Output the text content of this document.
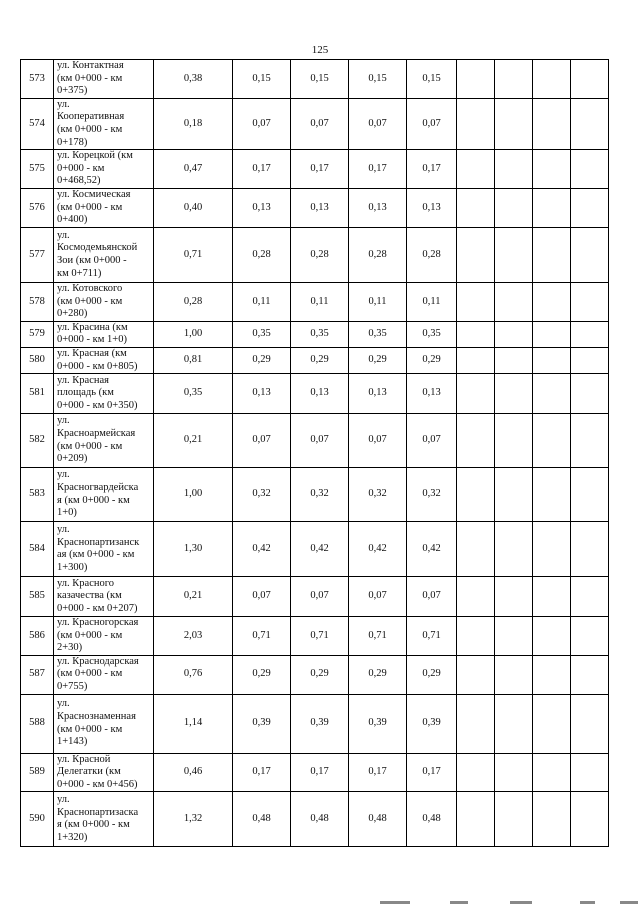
125
573	ул. Контактная
(км 0+000 - км
0+375)	0,38	0,15	0,15	0,15	0,15				
574	ул.
Кооперативная
(км 0+000 - км
0+178)	0,18	0,07	0,07	0,07	0,07				
575	ул. Корецкой (км
0+000 - км
0+468,52)	0,47	0,17	0,17	0,17	0,17				
576	ул. Космическая
(км 0+000 - км
0+400)	0,40	0,13	0,13	0,13	0,13				
577	ул.
Космодемьянской
Зои (км 0+000 -
км 0+711)	0,71	0,28	0,28	0,28	0,28				
578	ул. Котовского
(км 0+000 - км
0+280)	0,28	0,11	0,11	0,11	0,11				
579	ул. Красина (км
0+000 - км 1+0)	1,00	0,35	0,35	0,35	0,35				
580	ул. Красная (км
0+000 - км 0+805)	0,81	0,29	0,29	0,29	0,29				
581	ул. Красная
площадь (км
0+000 - км 0+350)	0,35	0,13	0,13	0,13	0,13				
582	ул.
Красноармейская
(км 0+000 - км
0+209)	0,21	0,07	0,07	0,07	0,07				
583	ул.
Красногвардейска
я (км 0+000 - км
1+0)	1,00	0,32	0,32	0,32	0,32				
584	ул.
Краснопартизанск
ая (км 0+000 - км
1+300)	1,30	0,42	0,42	0,42	0,42				
585	ул. Красного
казачества (км
0+000 - км 0+207)	0,21	0,07	0,07	0,07	0,07				
586	ул. Красногорская
(км 0+000 - км
2+30)	2,03	0,71	0,71	0,71	0,71				
587	ул. Краснодарская
(км 0+000 - км
0+755)	0,76	0,29	0,29	0,29	0,29				
588	ул.
Краснознаменная
(км 0+000 - км
1+143)	1,14	0,39	0,39	0,39	0,39				
589	ул. Красной
Делегатки (км
0+000 - км 0+456)	0,46	0,17	0,17	0,17	0,17				
590	ул.
Краснопартизаска
я (км 0+000 - км
1+320)	1,32	0,48	0,48	0,48	0,48				
